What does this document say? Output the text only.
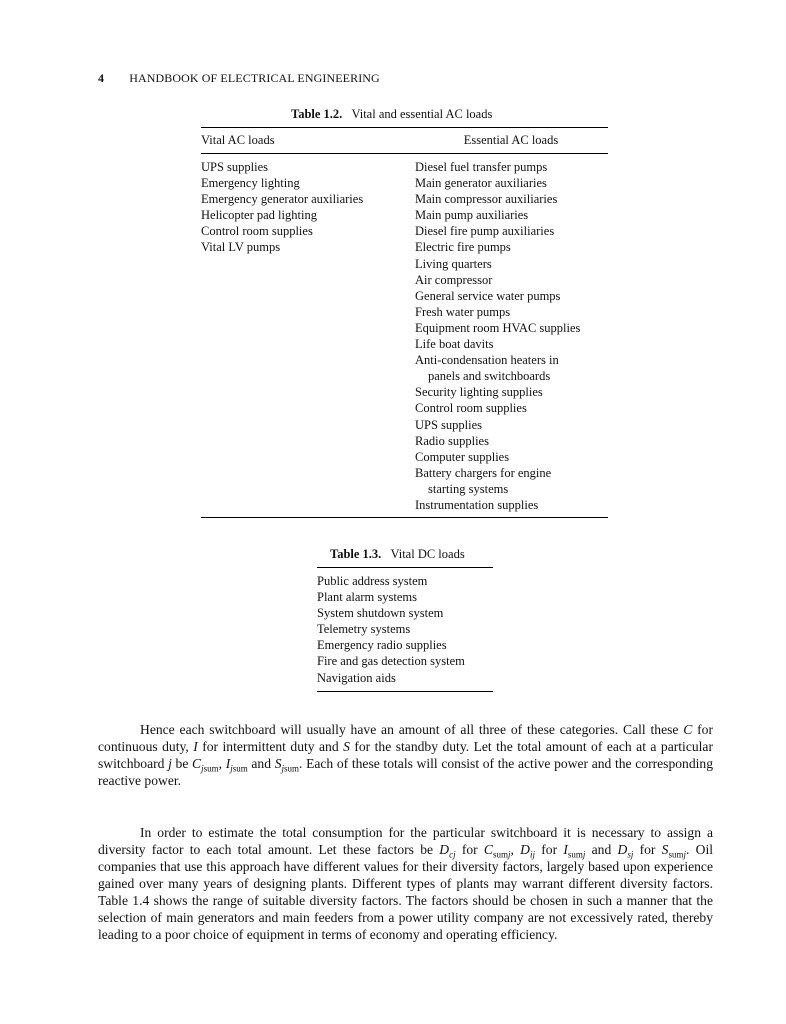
4 HANDBOOK OF ELECTRICAL ENGINEERING
Table 1.2. Vital and essential AC loads
Vital AC loads	Essential AC loads
UPS supplies
Emergency lighting
Emergency generator auxiliaries
Helicopter pad lighting
Control room supplies
Vital LV pumps
Diesel fuel transfer pumps
Main generator auxiliaries
Main compressor auxiliaries
Main pump auxiliaries
Diesel fire pump auxiliaries
Electric fire pumps
Living quarters
Air compressor
General service water pumps
Fresh water pumps
Equipment room HVAC supplies
Life boat davits
Anti-condensation heaters in
panels and switchboards
Security lighting supplies
Control room supplies
UPS supplies
Radio supplies
Computer supplies
Battery chargers for engine
starting systems
Instrumentation supplies
Table 1.3. Vital DC loads
Public address system
Plant alarm systems
System shutdown system
Telemetry systems
Emergency radio supplies
Fire and gas detection system
Navigation aids

Hence each switchboard will usually have an amount of all three of these categories. Call these C for continuous duty, I for intermittent duty and S for the standby duty. Let the total amount of each at a particular switchboard j be $C_{jsum}$, $I_{jsum}$ and $S_{jsum}$. Each of these totals will consist of the active power and the corresponding reactive power.

In order to estimate the total consumption for the particular switchboard it is necessary to assign a diversity factor to each total amount. Let these factors be $D_{cj}$ for $C_{sumj}$, $D_{ij}$ for $I_{sumj}$ and $D_{sj}$ for $S_{sumj}$. Oil companies that use this approach have different values for their diversity factors, largely based upon experience gained over many years of designing plants. Different types of plants may warrant different diversity factors. Table 1.4 shows the range of suitable diversity factors. The factors should be chosen in such a manner that the selection of main generators and main feeders from a power utility company are not excessively rated, thereby leading to a poor choice of equipment in terms of economy and operating efficiency.
